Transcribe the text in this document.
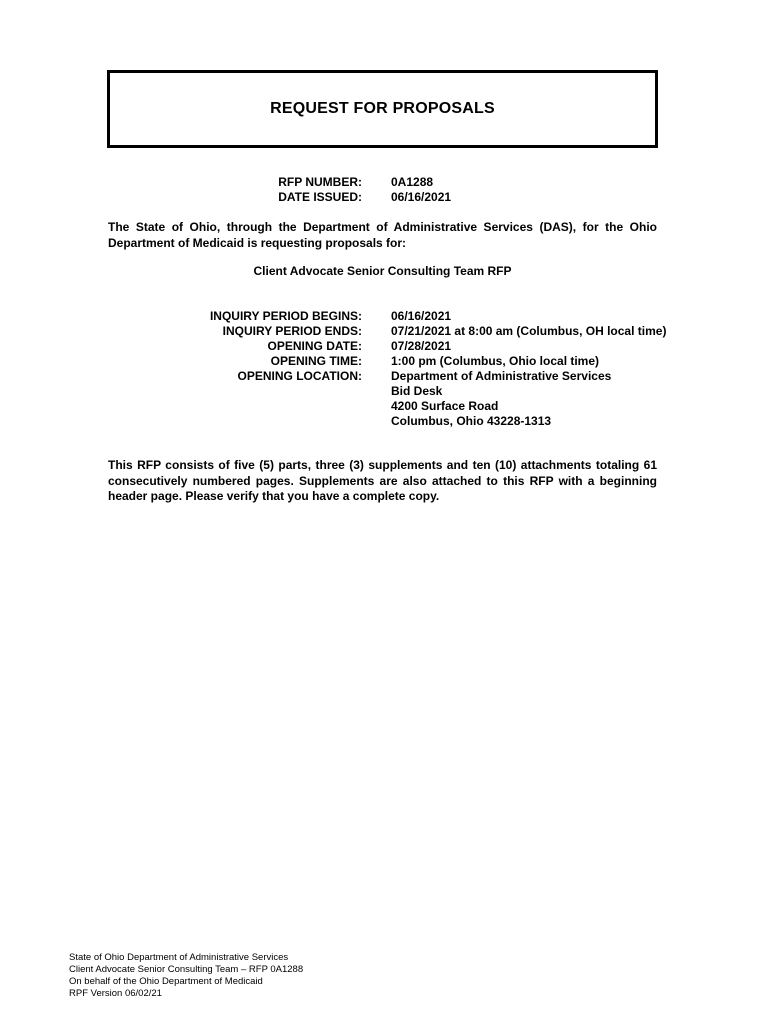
REQUEST FOR PROPOSALS
RFP NUMBER: 0A1288
DATE ISSUED: 06/16/2021
The State of Ohio, through the Department of Administrative Services (DAS), for the Ohio Department of Medicaid is requesting proposals for:
Client Advocate Senior Consulting Team RFP
INQUIRY PERIOD BEGINS: 06/16/2021
INQUIRY PERIOD ENDS: 07/21/2021 at 8:00 am (Columbus, OH local time)
OPENING DATE: 07/28/2021
OPENING TIME: 1:00 pm (Columbus, Ohio local time)
OPENING LOCATION: Department of Administrative Services
Bid Desk
4200 Surface Road
Columbus, Ohio 43228-1313
This RFP consists of five (5) parts, three (3) supplements and ten (10) attachments totaling 61 consecutively numbered pages. Supplements are also attached to this RFP with a beginning header page. Please verify that you have a complete copy.
State of Ohio Department of Administrative Services
Client Advocate Senior Consulting Team – RFP 0A1288
On behalf of the Ohio Department of Medicaid
RPF Version 06/02/21
